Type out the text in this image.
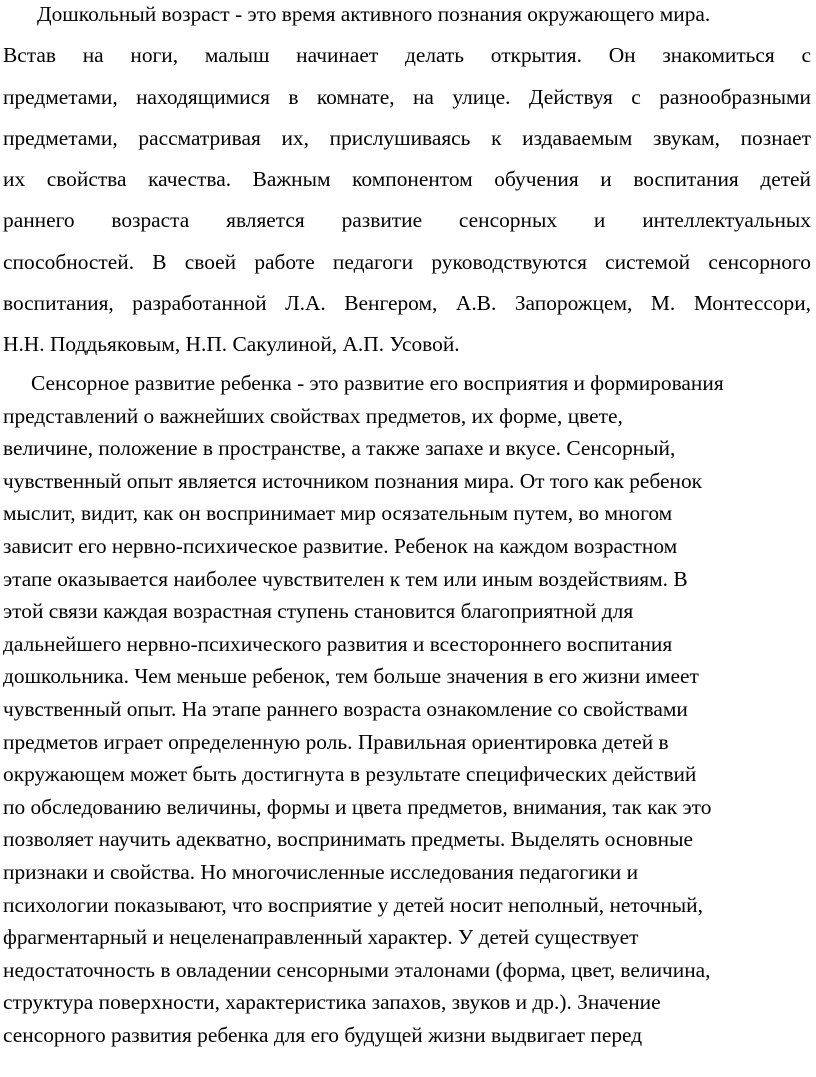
Дошкольный возраст - это время активного познания окружающего мира.
Встав на ноги, малыш начинает делать открытия. Он знакомиться с
предметами, находящимися в комнате, на улице. Действуя с разнообразными
предметами, рассматривая их, прислушиваясь к издаваемым звукам, познает
их свойства качества. Важным компонентом обучения и воспитания детей
раннего возраста является развитие сенсорных и интеллектуальных
способностей. В своей работе педагоги руководствуются системой сенсорного
воспитания, разработанной Л.А. Венгером, А.В. Запорожцем, М. Монтессори,
Н.Н. Поддьяковым, Н.П. Сакулиной, А.П. Усовой.
Сенсорное развитие ребенка - это развитие его восприятия и формирования
представлений о важнейших свойствах предметов, их форме, цвете,
величине, положение в пространстве, а также запахе и вкусе. Сенсорный,
чувственный опыт является источником познания мира. От того как ребенок
мыслит, видит, как он воспринимает мир осязательным путем, во многом
зависит его нервно-психическое развитие. Ребенок на каждом возрастном
этапе оказывается наиболее чувствителен к тем или иным воздействиям. В
этой связи каждая возрастная ступень становится благоприятной для
дальнейшего нервно-психического развития и всестороннего воспитания
дошкольника. Чем меньше ребенок, тем больше значения в его жизни имеет
чувственный опыт. На этапе раннего возраста ознакомление со свойствами
предметов играет определенную роль. Правильная ориентировка детей в
окружающем может быть достигнута в результате специфических действий
по обследованию величины, формы и цвета предметов, внимания, так как это
позволяет научить адекватно, воспринимать предметы. Выделять основные
признаки и свойства. Но многочисленные исследования педагогики и
психологии показывают, что восприятие у детей носит неполный, неточный,
фрагментарный и нецеленаправленный характер. У детей существует
недостаточность в овладении сенсорными эталонами (форма, цвет, величина,
структура поверхности, характеристика запахов, звуков и др.). Значение
сенсорного развития ребенка для его будущей жизни выдвигает перед
